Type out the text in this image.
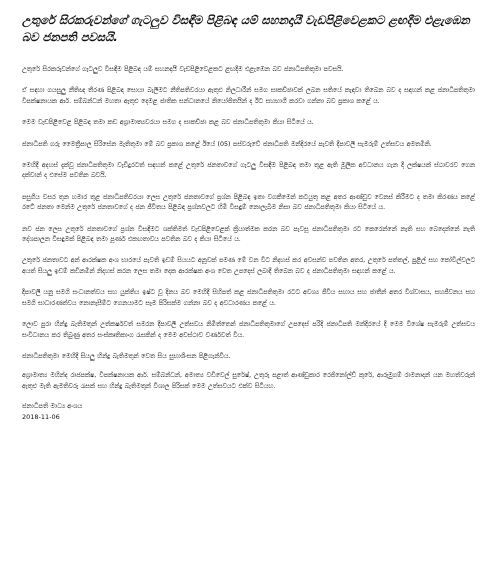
උතුරේ සිරකරුවන්ගේ ගැටලුව විසඳීම පිළිබඳ යම් සහනදායී වැඩපිළිවෙළකට ළඟදීම එළැඹෙන බව ජනපති පවසයි.

උතුරේ සිරකරුවන්ගේ ගැටලුව විසඳීම පිළිබඳ යම් සහනදායී වැඩපිළිවෙළකට ළඟදීම එළැඹෙන බව ජනාධිපතිතුමා පවසයි.

ඒ සඳහා ගයසුලු නීතිඥ තීරණ පිළිබඳ සොයා බැලීමට නීතිපතිවරයා ඇතුළු නිලධාරීන් සමග සාකච්ඡාවක් ලබන සතියේ කැඳවා තිබෙන බව ද සඳහන් කළ ජනාධිපතිතුමා විපක්ෂනායක ආර්. සම්බන්ධන් මහතා ඇතුළු දෙමළ ජාතික සන්ධානයේ නියෝජිතයින් ද ඊට සහභාගී කරවා ගන්නා බව ප්‍රකාශ කළේ ය.

මෙම වැඩපිළිවෙළ පිළිබඳ තමා කඩ අග්‍රාමාත්‍යවරයා සමග ද සාකච්ඡා කළ බව ජනාධිපතිතුමා කියා සිටියේ ය.

ජනාධිපති ගරු මෛත්‍රීපාල සිරිසේන මැතිතුමා මේ බව ප්‍රකාශ කළේ ඊයේ (05) පස්වරුවේ ජනාධිපති මන්දිරයේ පැවති දීපාවලී සැමරුම් උත්සවය අමතමිනි.

මෙහිදී අදහස් දැක්වූ ජනාධිපතිතුමා වැඩිදුරටත් සඳහන් කළේ උතුරේ ජනතාවගේ ගැටලු විසඳීම පිළිබඳ තමා තුළ ඇති මූලික අවධානය ගැන දී ලක්ෂයක් ස්ථාවරව ගෙන දක්වාන් ද එසේම පවතින බවයි.

පසුගිය වසර තුන හමාර තුළ ජනාධිපතිවරයා ලෙස උතුරේ ජනතාවගේ ප්‍රශ්න පිළිබඳ ඉතා වගකීමෙන් කටයුතු කළ අතර ආණ්ඩුව වෙනස් කිරීමට ද තමා කිරණය කළේ රටේ ජනතා මෙන්ම උතුරේ ජනතාවගේ ද ජන ජීවිතය පිළිබඳ ප්‍රශ්නවලට හිමි විසඳුම් නොලැබීම නිසා බව ජනාධිපතිතුමා කියා සිටියේ ය.

නව ජන ලෙස උතුරේ ජනතාවගේ ප්‍රශ්න විසඳීමට ශක්තිමත් වැඩපිළිවෙළක් ක්‍රියාත්මක කරන බව පැවසූ ජනාධිපතිතුමා රට කෙරෙන්නේ නැති සහ බෙදෙන්නේ නැති දේශපාලන විසඳුමක් පිළිබඳ තමා පූර්ණ එකඟතාවය පවතින බව ද කියා සිටියේ ය.

උතුරේ ජනතාවට අන් ආරක්ෂක අංශ භාරයේ පැවති ඉඩම් සියයට අනූවක් පමණ මේ වන විට නිදහස් කර අවසන්ව පවතින අතර, උතුරේ පත්තල්, පුළිල් සහ කෝවිල්වලට අයත් සියලු ඉඩම් කඩිනමින් නිදහස් කරන ලෙස තමා දෙක ආරක්ෂක අංශ වෙත උපදෙස් ලබාදී තිබෙන බව ද ජනාධිපතිතුමා සඳහන් කළේ ය.

දීපාවලී යනු සමගි සංධානත්වය සහ යුක්තිය ඉෂ්ට වූ දිනය බව මෙහිදී සිහිපත් කළ ජනාධිපතිතුමා රටට අවශ්‍ය ජීවිය සහාය සහ ජාතීන් අතර විශ්වාසය, සහජීවනය සහ සමගි සාධාරණත්වය නොනැසීම්ට ගෙනයාමට සෑම පිරිසක්ම ගන්නා බව ද අවධාරණය කළේ ය.

ලොව පුරා හින්දු බැතිමතුන් උත්කර්ෂවත් සමරන දීපාවලී උත්සවය නිමිත්තෙන් ජනාධිපතිතුමාගේ උපදෙස් පරිදි ජනාධිපති මන්දිරයේ දී මෙම විශේෂ සැමරුම් උත්සවය සංවිධානය කර තිබුණු අතර සංස්කෘතිකාංග රැසකින් ද මෙම අවස්ථාව වර්ණවත් විය.

ජනාධිපතිතුමා මෙහිදී සියලු හින්දු බැතිමතුන් වෙත සිය සුභාශිංසන පිළිගැන්වීය.

අග්‍රාමාත්‍ය මහින්ද රාජපක්ෂ, විපක්ෂනායක ආර්. සම්බන්ධන්, අමාත්‍ය වඩිවෙල් සුරේෂ්, උතුරු පළාත් ආණ්ඩුකාර රෙජිනෝල්ඩ් කුරේ, ආරුමුගම් රාමනාදන් යන මහත්වරුන් ඇතුළු මැති ඇමතිවරු රැසක් සහ හින්දු බැතිමතුන් විශාල පිරිසක් මෙම උත්සවයට එක්ව සිටියහ.

ජනාධිපති මාධ්‍ය අංශය
2018-11-06
